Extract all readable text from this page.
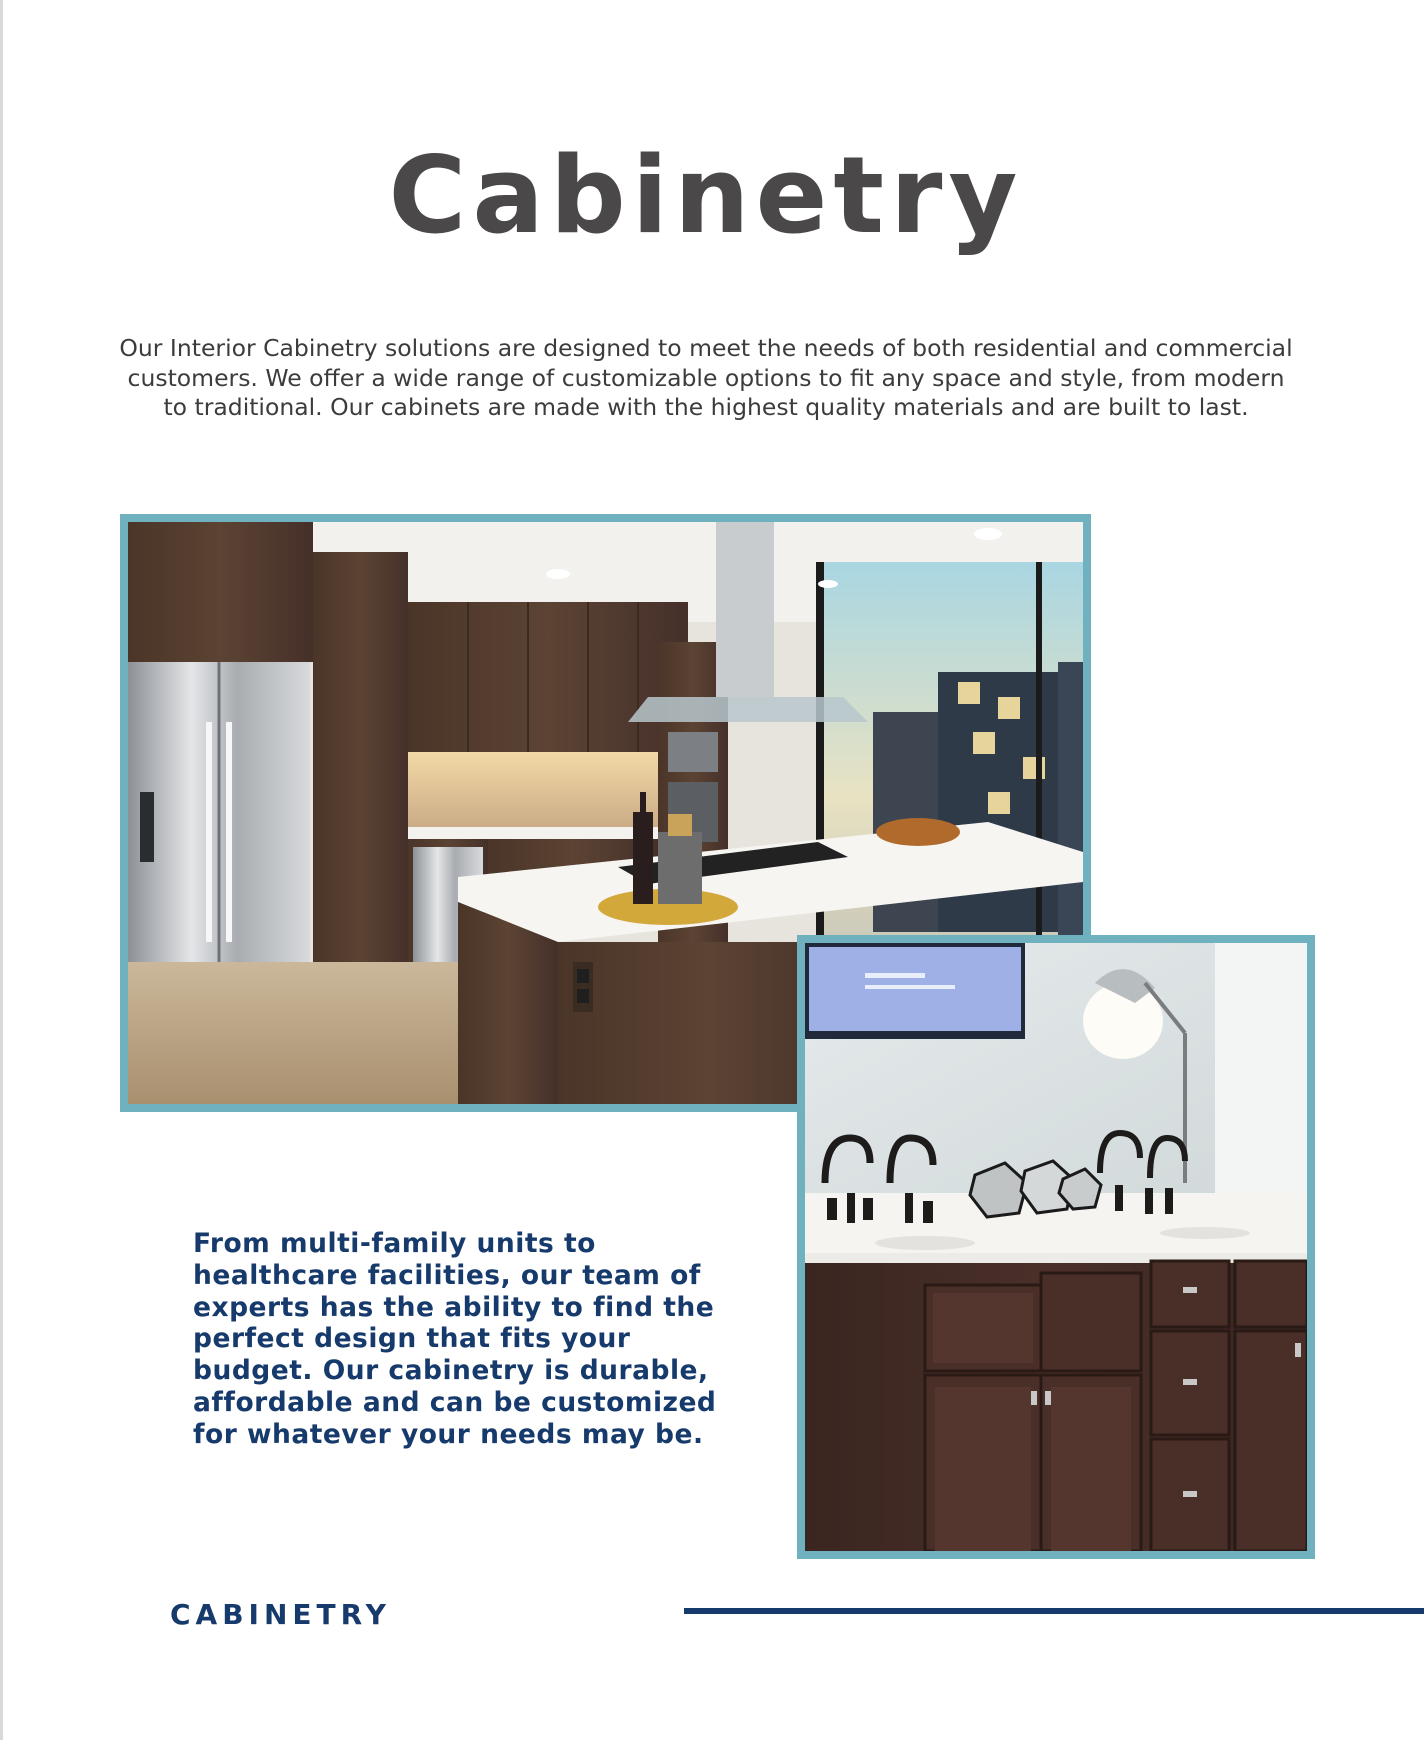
Cabinetry

Our Interior Cabinetry solutions are designed to meet the needs of both residential and commercial customers. We offer a wide range of customizable options to fit any space and style, from modern to traditional. Our cabinets are made with the highest quality materials and are built to last.

From multi-family units to healthcare facilities, our team of experts has the ability to find the perfect design that fits your budget. Our cabinetry is durable, affordable and can be customized for whatever your needs may be.

CABINETRY
